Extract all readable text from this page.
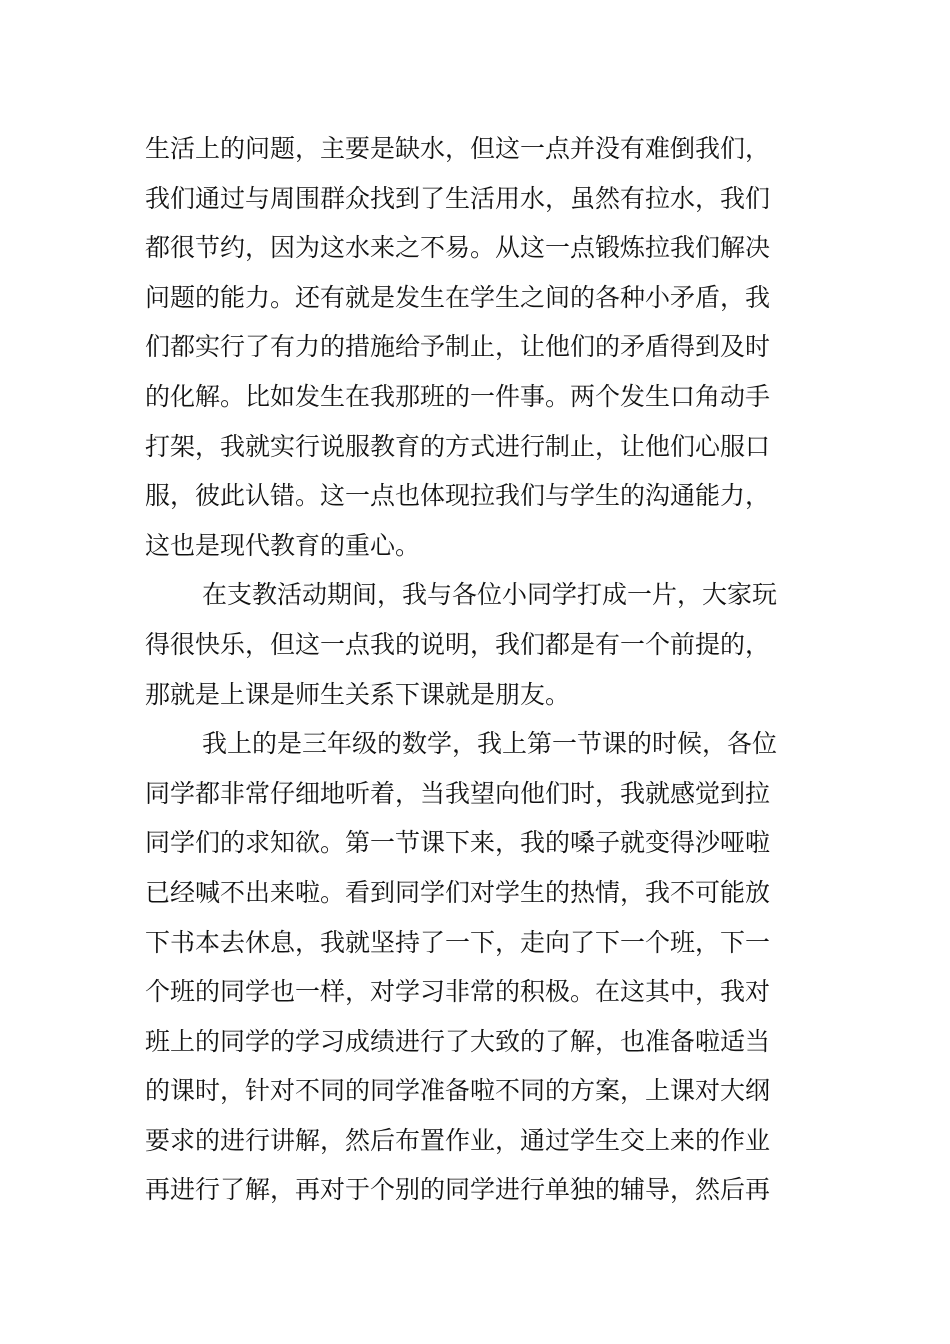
生活上的问题，主要是缺水，但这一点并没有难倒我们，
我们通过与周围群众找到了生活用水，虽然有拉水，我们
都很节约，因为这水来之不易。从这一点锻炼拉我们解决
问题的能力。还有就是发生在学生之间的各种小矛盾，我
们都实行了有力的措施给予制止，让他们的矛盾得到及时
的化解。比如发生在我那班的一件事。两个发生口角动手
打架，我就实行说服教育的方式进行制止，让他们心服口
服，彼此认错。这一点也体现拉我们与学生的沟通能力，
这也是现代教育的重心。
在支教活动期间，我与各位小同学打成一片，大家玩
得很快乐，但这一点我的说明，我们都是有一个前提的，
那就是上课是师生关系下课就是朋友。
我上的是三年级的数学，我上第一节课的时候，各位
同学都非常仔细地听着，当我望向他们时，我就感觉到拉
同学们的求知欲。第一节课下来，我的嗓子就变得沙哑啦
已经喊不出来啦。看到同学们对学生的热情，我不可能放
下书本去休息，我就坚持了一下，走向了下一个班，下一
个班的同学也一样，对学习非常的积极。在这其中，我对
班上的同学的学习成绩进行了大致的了解，也准备啦适当
的课时，针对不同的同学准备啦不同的方案，上课对大纲
要求的进行讲解，然后布置作业，通过学生交上来的作业
再进行了解，再对于个别的同学进行单独的辅导，然后再
